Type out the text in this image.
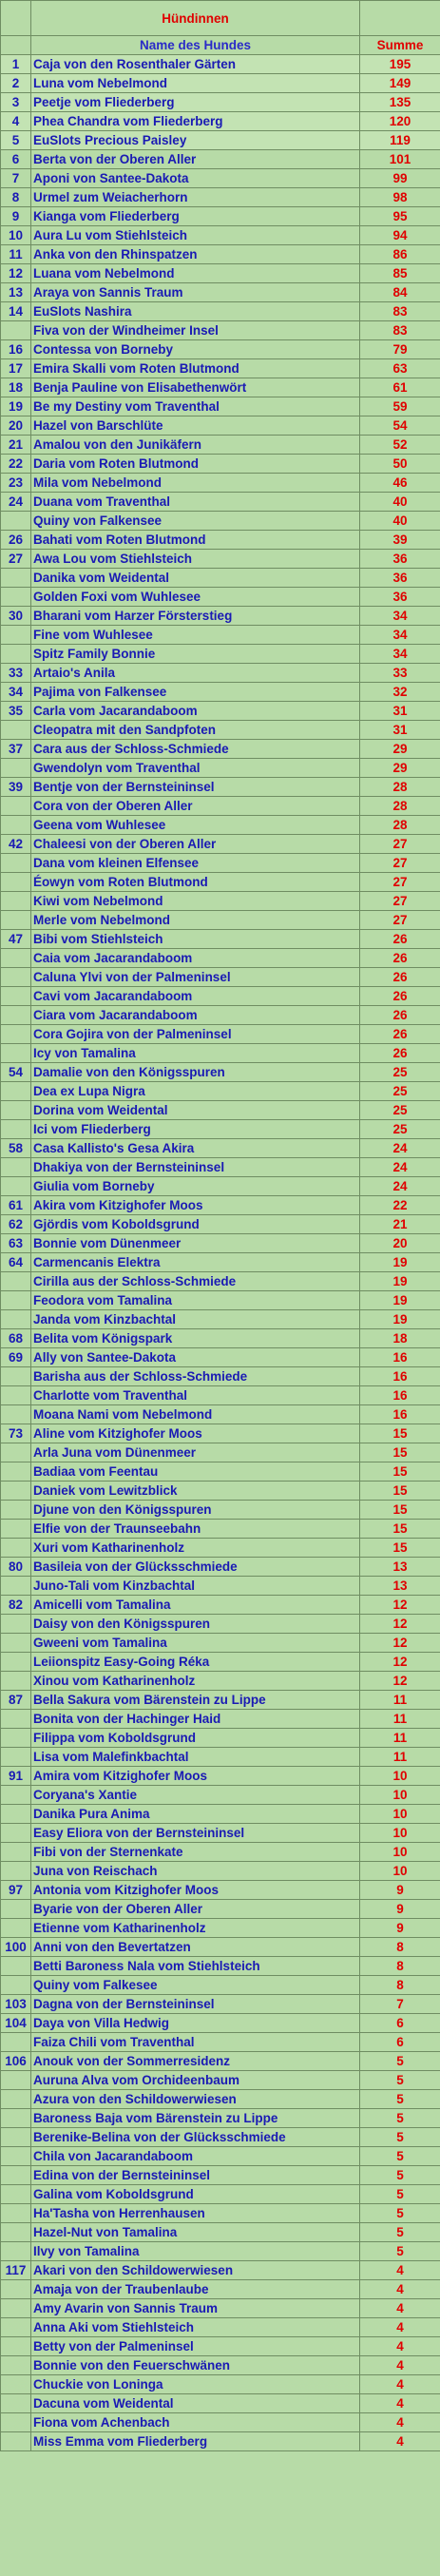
	Hündinnen	
	Name des Hundes	Summe
1	Caja von den Rosenthaler Gärten	195
2	Luna vom Nebelmond	149
3	Peetje vom Fliederberg	135
4	Phea Chandra vom Fliederberg	120
5	EuSlots Precious Paisley	119
6	Berta von der Oberen Aller	101
7	Aponi von Santee-Dakota	99
8	Urmel zum Weiacherhorn	98
9	Kianga vom Fliederberg	95
10	Aura Lu vom Stiehlsteich	94
11	Anka von den Rhinspatzen	86
12	Luana vom Nebelmond	85
13	Araya von Sannis Traum	84
14	EuSlots Nashira	83
	Fiva von der Windheimer Insel	83
16	Contessa von Borneby	79
17	Emira Skalli vom Roten Blutmond	63
18	Benja Pauline von Elisabethenwört	61
19	Be my Destiny vom Traventhal	59
20	Hazel von Barschlüte	54
21	Amalou von den Junikäfern	52
22	Daria vom Roten Blutmond	50
23	Mila vom Nebelmond	46
24	Duana vom Traventhal	40
	Quiny von Falkensee	40
26	Bahati vom Roten Blutmond	39
27	Awa Lou vom Stiehlsteich	36
	Danika vom Weidental	36
	Golden Foxi vom Wuhlesee	36
30	Bharani vom Harzer Försterstieg	34
	Fine vom Wuhlesee	34
	Spitz Family Bonnie	34
33	Artaio's Anila	33
34	Pajima von Falkensee	32
35	Carla vom Jacarandaboom	31
	Cleopatra mit den Sandpfoten	31
37	Cara aus der Schloss-Schmiede	29
	Gwendolyn vom Traventhal	29
39	Bentje von der Bernsteininsel	28
	Cora von der Oberen Aller	28
	Geena vom Wuhlesee	28
42	Chaleesi von der Oberen Aller	27
	Dana vom kleinen Elfensee	27
	Éowyn vom Roten Blutmond	27
	Kiwi vom Nebelmond	27
	Merle vom Nebelmond	27
47	Bibi vom Stiehlsteich	26
	Caia vom Jacarandaboom	26
	Caluna Ylvi von der Palmeninsel	26
	Cavi vom Jacarandaboom	26
	Ciara vom Jacarandaboom	26
	Cora Gojira von der Palmeninsel	26
	Icy von Tamalina	26
54	Damalie von den Königsspuren	25
	Dea ex Lupa Nigra	25
	Dorina vom Weidental	25
	Ici vom Fliederberg	25
58	Casa Kallisto's Gesa Akira	24
	Dhakiya von der Bernsteininsel	24
	Giulia vom Borneby	24
61	Akira vom Kitzighofer Moos	22
62	Gjördis vom Koboldsgrund	21
63	Bonnie vom Dünenmeer	20
64	Carmencanis Elektra	19
	Cirilla aus der Schloss-Schmiede	19
	Feodora vom Tamalina	19
	Janda vom Kinzbachtal	19
68	Belita vom Königspark	18
69	Ally von Santee-Dakota	16
	Barisha aus der Schloss-Schmiede	16
	Charlotte vom Traventhal	16
	Moana Nami vom Nebelmond	16
73	Aline vom Kitzighofer Moos	15
	Arla Juna vom Dünenmeer	15
	Badiaa vom Feentau	15
	Daniek vom Lewitzblick	15
	Djune von den Königsspuren	15
	Elfie von der Traunseebahn	15
	Xuri vom Katharinenholz	15
80	Basileia von der Glücksschmiede	13
	Juno-Tali vom Kinzbachtal	13
82	Amicelli vom Tamalina	12
	Daisy von den Königsspuren	12
	Gweeni vom Tamalina	12
	Leiionspitz Easy-Going Réka	12
	Xinou vom Katharinenholz	12
87	Bella Sakura vom Bärenstein zu Lippe	11
	Bonita von der Hachinger Haid	11
	Filippa vom Koboldsgrund	11
	Lisa vom Malefinkbachtal	11
91	Amira vom Kitzighofer Moos	10
	Coryana's Xantie	10
	Danika Pura Anima	10
	Easy Eliora von der Bernsteininsel	10
	Fibi von der Sternenkate	10
	Juna von Reischach	10
97	Antonia vom Kitzighofer Moos	9
	Byarie von der Oberen Aller	9
	Etienne vom Katharinenholz	9
100	Anni von den Bevertatzen	8
	Betti Baroness Nala vom Stiehlsteich	8
	Quiny vom Falkesee	8
103	Dagna von der Bernsteininsel	7
104	Daya von Villa Hedwig	6
	Faiza Chili vom Traventhal	6
106	Anouk von der Sommerresidenz	5
	Auruna Alva vom Orchideenbaum	5
	Azura von den Schildowerwiesen	5
	Baroness Baja vom Bärenstein zu Lippe	5
	Berenike-Belina von der Glücksschmiede	5
	Chila von Jacarandaboom	5
	Edina von der Bernsteininsel	5
	Galina vom Koboldsgrund	5
	Ha'Tasha von Herrenhausen	5
	Hazel-Nut von Tamalina	5
	Ilvy von Tamalina	5
117	Akari von den Schildowerwiesen	4
	Amaja von der Traubenlaube	4
	Amy Avarin von Sannis Traum	4
	Anna Aki vom Stiehlsteich	4
	Betty von der Palmeninsel	4
	Bonnie von den Feuerschwänen	4
	Chuckie von Loninga	4
	Dacuna vom Weidental	4
	Fiona vom Achenbach	4
	Miss Emma vom Fliederberg	4
